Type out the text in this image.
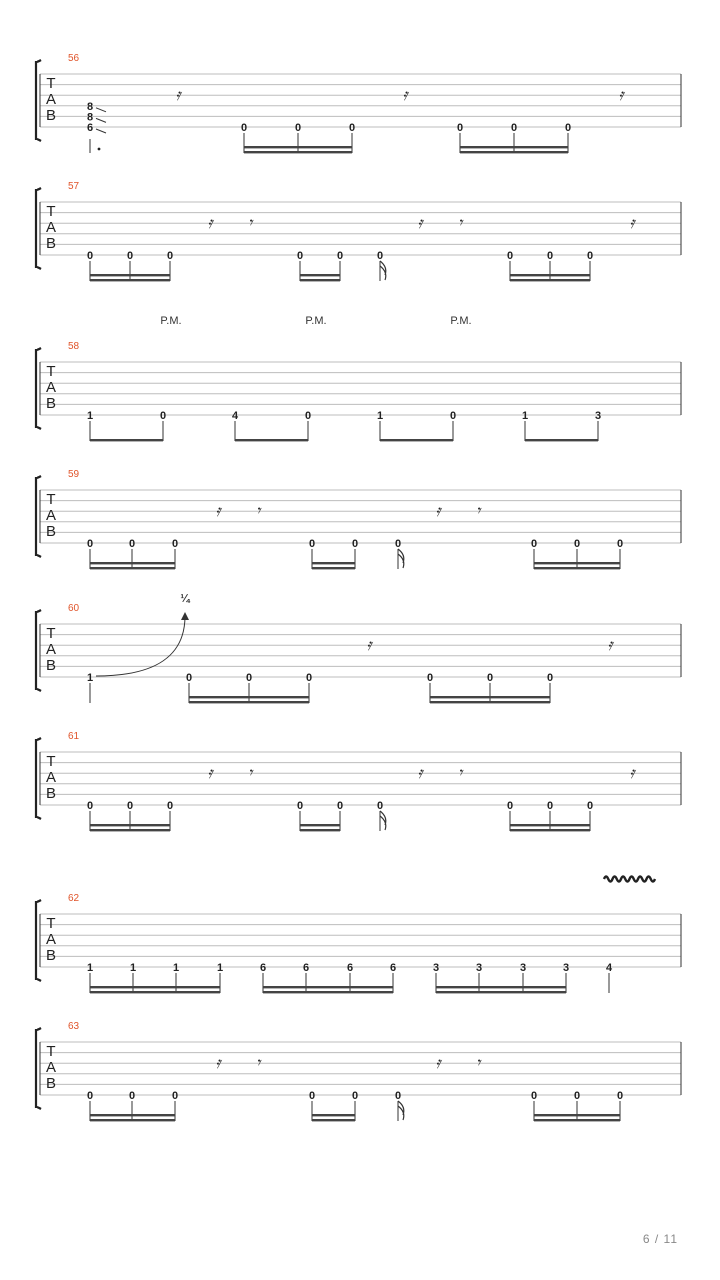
T
A
B
56
8
8
6	0	0	0	0	0	0
𝄿	𝄿	𝄿
T
A
B
57
0	0	0	0	0	0	0	0	0
𝄿 𝄾	𝄿 𝄾	𝄿
T
A
B
58
1	0	4	0	1	0	1	3
P.M.	P.M.	P.M.
T
A
B
59
0	0	0	0	0	0	0	0	0
𝄿 𝄾	𝄿 𝄾
T
A
B
60
1	0	0	0	0	0	0
𝄿	𝄿
¼
T
A
B
61
0	0	0	0	0	0	0	0	0
𝄿 𝄾	𝄿 𝄾	𝄿
T
A
B
62
1	1	1	1	6	6	6	6	3	3	3	3	4
T
A
B
63
0	0	0	0	0	0	0	0	0
𝄿 𝄾	𝄿 𝄾
6 / 11
